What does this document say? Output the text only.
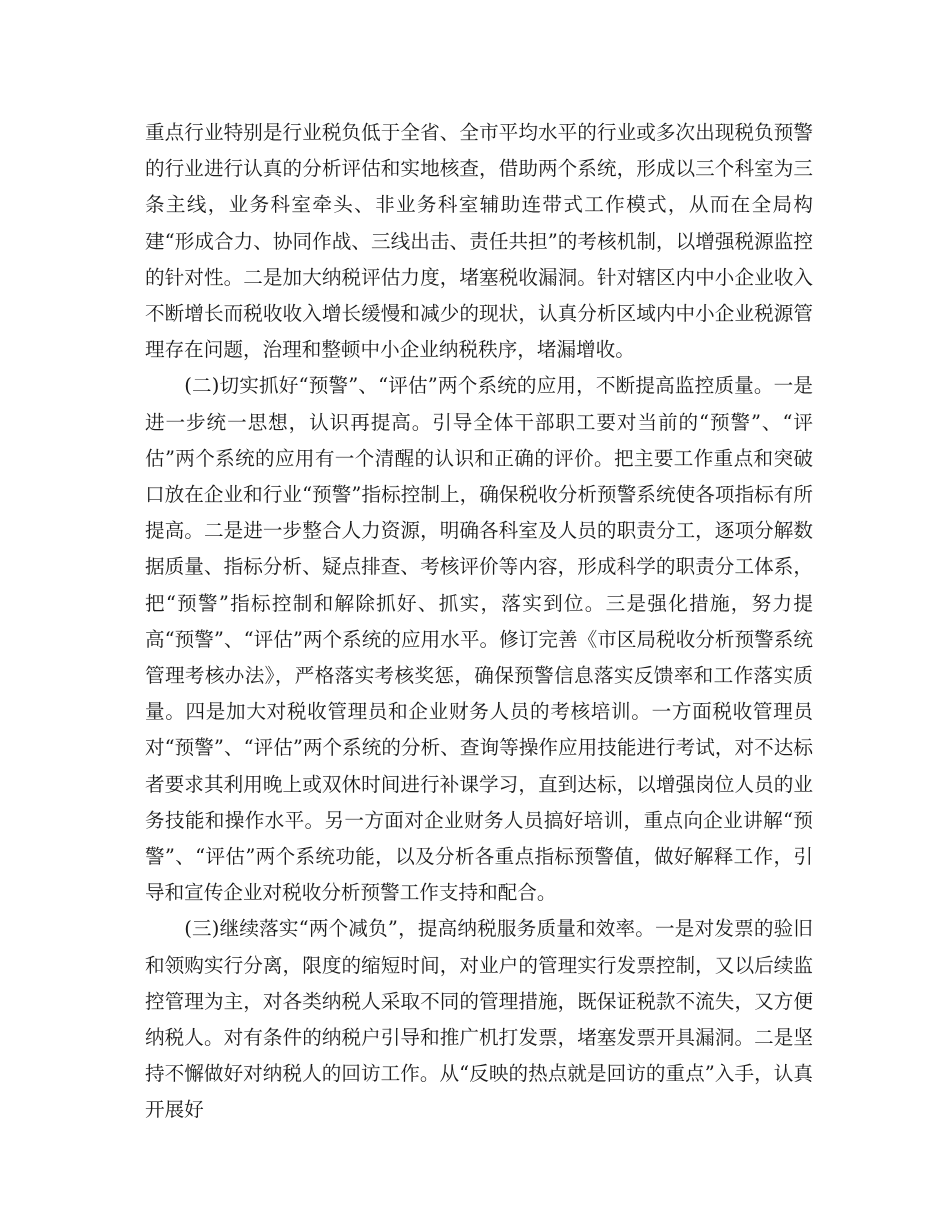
重点行业特别是行业税负低于全省、全市平均水平的行业或多次出现税负预警的行业进行认真的分析评估和实地核查，借助两个系统，形成以三个科室为三条主线，业务科室牵头、非业务科室辅助连带式工作模式，从而在全局构建“形成合力、协同作战、三线出击、责任共担”的考核机制，以增强税源监控的针对性。二是加大纳税评估力度，堵塞税收漏洞。针对辖区内中小企业收入不断增长而税收收入增长缓慢和减少的现状，认真分析区域内中小企业税源管理存在问题，治理和整顿中小企业纳税秩序，堵漏增收。

(二)切实抓好“预警”、“评估”两个系统的应用，不断提高监控质量。一是进一步统一思想，认识再提高。引导全体干部职工要对当前的“预警”、“评估”两个系统的应用有一个清醒的认识和正确的评价。把主要工作重点和突破口放在企业和行业“预警”指标控制上，确保税收分析预警系统使各项指标有所提高。二是进一步整合人力资源，明确各科室及人员的职责分工，逐项分解数据质量、指标分析、疑点排查、考核评价等内容，形成科学的职责分工体系，把“预警”指标控制和解除抓好、抓实，落实到位。三是强化措施，努力提高“预警”、“评估”两个系统的应用水平。修订完善《市区局税收分析预警系统管理考核办法》，严格落实考核奖惩，确保预警信息落实反馈率和工作落实质量。四是加大对税收管理员和企业财务人员的考核培训。一方面税收管理员对“预警”、“评估”两个系统的分析、查询等操作应用技能进行考试，对不达标者要求其利用晚上或双休时间进行补课学习，直到达标，以增强岗位人员的业务技能和操作水平。另一方面对企业财务人员搞好培训，重点向企业讲解“预警”、“评估”两个系统功能，以及分析各重点指标预警值，做好解释工作，引导和宣传企业对税收分析预警工作支持和配合。

(三)继续落实“两个减负”，提高纳税服务质量和效率。一是对发票的验旧和领购实行分离，限度的缩短时间，对业户的管理实行发票控制，又以后续监控管理为主，对各类纳税人采取不同的管理措施，既保证税款不流失，又方便纳税人。对有条件的纳税户引导和推广机打发票，堵塞发票开具漏洞。二是坚持不懈做好对纳税人的回访工作。从“反映的热点就是回访的重点”入手，认真开展好
